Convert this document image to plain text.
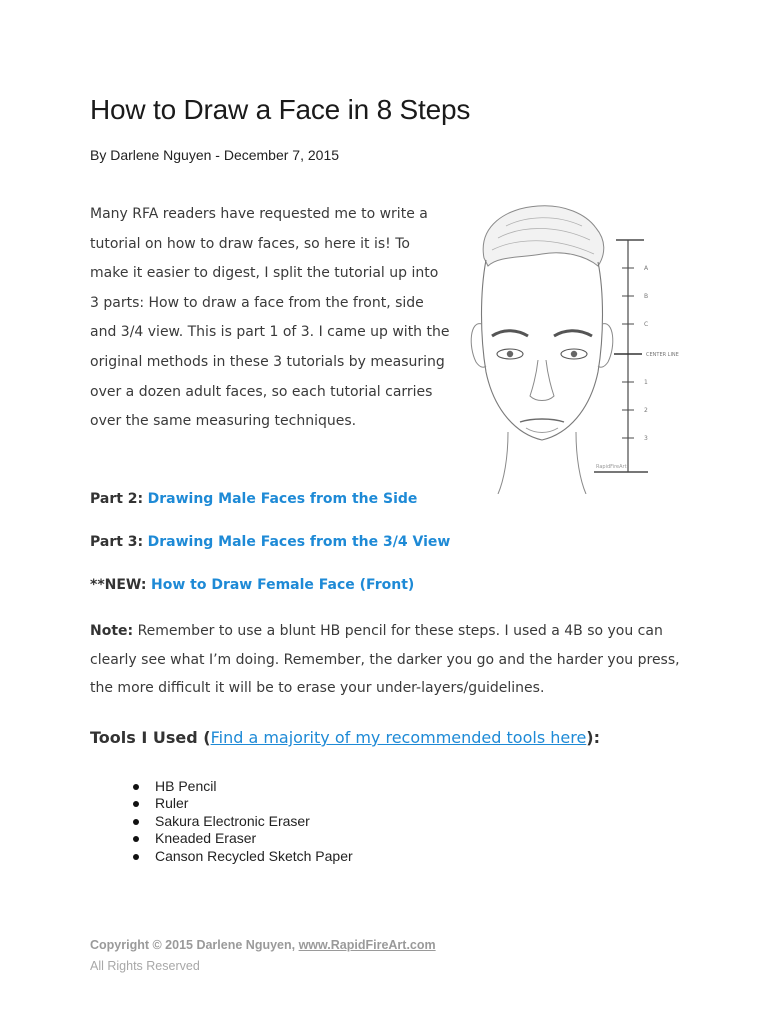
How to Draw a Face in 8 Steps
By Darlene Nguyen - December 7, 2015

Many RFA readers have requested me to write a tutorial on how to draw faces, so here it is! To make it easier to digest, I split the tutorial up into 3 parts: How to draw a face from the front, side and 3/4 view. This is part 1 of 3. I came up with the original methods in these 3 tutorials by measuring over a dozen adult faces, so each tutorial carries over the same measuring techniques.

A
B
C
CENTER LINE
1
2
3
RapidFireArt
Part 2: Drawing Male Faces from the Side
Part 3: Drawing Male Faces from the 3/4 View
**NEW: How to Draw Female Face (Front)

Note: Remember to use a blunt HB pencil for these steps. I used a 4B so you can clearly see what I’m doing. Remember, the darker you go and the harder you press, the more difficult it will be to erase your under-layers/guidelines.

Tools I Used (Find a majority of my recommended tools here):
HB Pencil
Ruler
Sakura Electronic Eraser
Kneaded Eraser
Canson Recycled Sketch Paper
Copyright © 2015 Darlene Nguyen, www.RapidFireArt.com
All Rights Reserved
